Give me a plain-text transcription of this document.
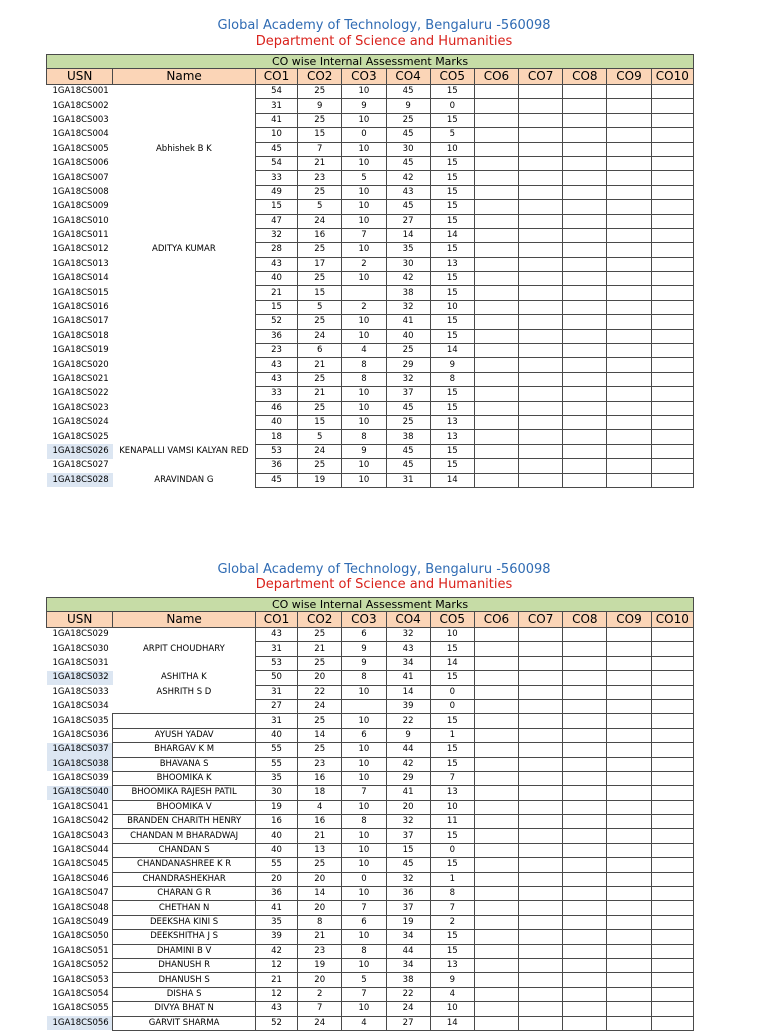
Global Academy of Technology, Bengaluru -560098
Department of Science and Humanities
CO wise Internal Assessment Marks											
USN	Name	CO1	CO2	CO3	CO4	CO5	CO6	CO7	CO8	CO9	CO10
1GA18CS001		54	25	10	45	15					
1GA18CS002		31	9	9	9	0					
1GA18CS003		41	25	10	25	15					
1GA18CS004		10	15	0	45	5					
1GA18CS005	Abhishek B K	45	7	10	30	10					
1GA18CS006		54	21	10	45	15					
1GA18CS007		33	23	5	42	15					
1GA18CS008		49	25	10	43	15					
1GA18CS009		15	5	10	45	15					
1GA18CS010		47	24	10	27	15					
1GA18CS011		32	16	7	14	14					
1GA18CS012	ADITYA KUMAR	28	25	10	35	15					
1GA18CS013		43	17	2	30	13					
1GA18CS014		40	25	10	42	15					
1GA18CS015		21	15		38	15					
1GA18CS016		15	5	2	32	10					
1GA18CS017		52	25	10	41	15					
1GA18CS018		36	24	10	40	15					
1GA18CS019		23	6	4	25	14					
1GA18CS020		43	21	8	29	9					
1GA18CS021		43	25	8	32	8					
1GA18CS022		33	21	10	37	15					
1GA18CS023		46	25	10	45	15					
1GA18CS024		40	15	10	25	13					
1GA18CS025		18	5	8	38	13					
1GA18CS026	KENAPALLI VAMSI KALYAN RED	53	24	9	45	15					
1GA18CS027		36	25	10	45	15					
1GA18CS028	ARAVINDAN G	45	19	10	31	14					
Global Academy of Technology, Bengaluru -560098
Department of Science and Humanities
CO wise Internal Assessment Marks											
USN	Name	CO1	CO2	CO3	CO4	CO5	CO6	CO7	CO8	CO9	CO10
1GA18CS029		43	25	6	32	10					
1GA18CS030	ARPIT CHOUDHARY	31	21	9	43	15					
1GA18CS031		53	25	9	34	14					
1GA18CS032	ASHITHA K	50	20	8	41	15					
1GA18CS033	ASHRITH S D	31	22	10	14	0					
1GA18CS034		27	24		39	0					
1GA18CS035		31	25	10	22	15					
1GA18CS036	AYUSH YADAV	40	14	6	9	1					
1GA18CS037	BHARGAV K M	55	25	10	44	15					
1GA18CS038	BHAVANA S	55	23	10	42	15					
1GA18CS039	BHOOMIKA K	35	16	10	29	7					
1GA18CS040	BHOOMIKA RAJESH PATIL	30	18	7	41	13					
1GA18CS041	BHOOMIKA V	19	4	10	20	10					
1GA18CS042	BRANDEN CHARITH HENRY	16	16	8	32	11					
1GA18CS043	CHANDAN M BHARADWAJ	40	21	10	37	15					
1GA18CS044	CHANDAN S	40	13	10	15	0					
1GA18CS045	CHANDANASHREE K R	55	25	10	45	15					
1GA18CS046	CHANDRASHEKHAR	20	20	0	32	1					
1GA18CS047	CHARAN G R	36	14	10	36	8					
1GA18CS048	CHETHAN N	41	20	7	37	7					
1GA18CS049	DEEKSHA KINI S	35	8	6	19	2					
1GA18CS050	DEEKSHITHA J S	39	21	10	34	15					
1GA18CS051	DHAMINI B V	42	23	8	44	15					
1GA18CS052	DHANUSH R	12	19	10	34	13					
1GA18CS053	DHANUSH S	21	20	5	38	9					
1GA18CS054	DISHA S	12	2	7	22	4					
1GA18CS055	DIVYA BHAT N	43	7	10	24	10					
1GA18CS056	GARVIT SHARMA	52	24	4	27	14					
